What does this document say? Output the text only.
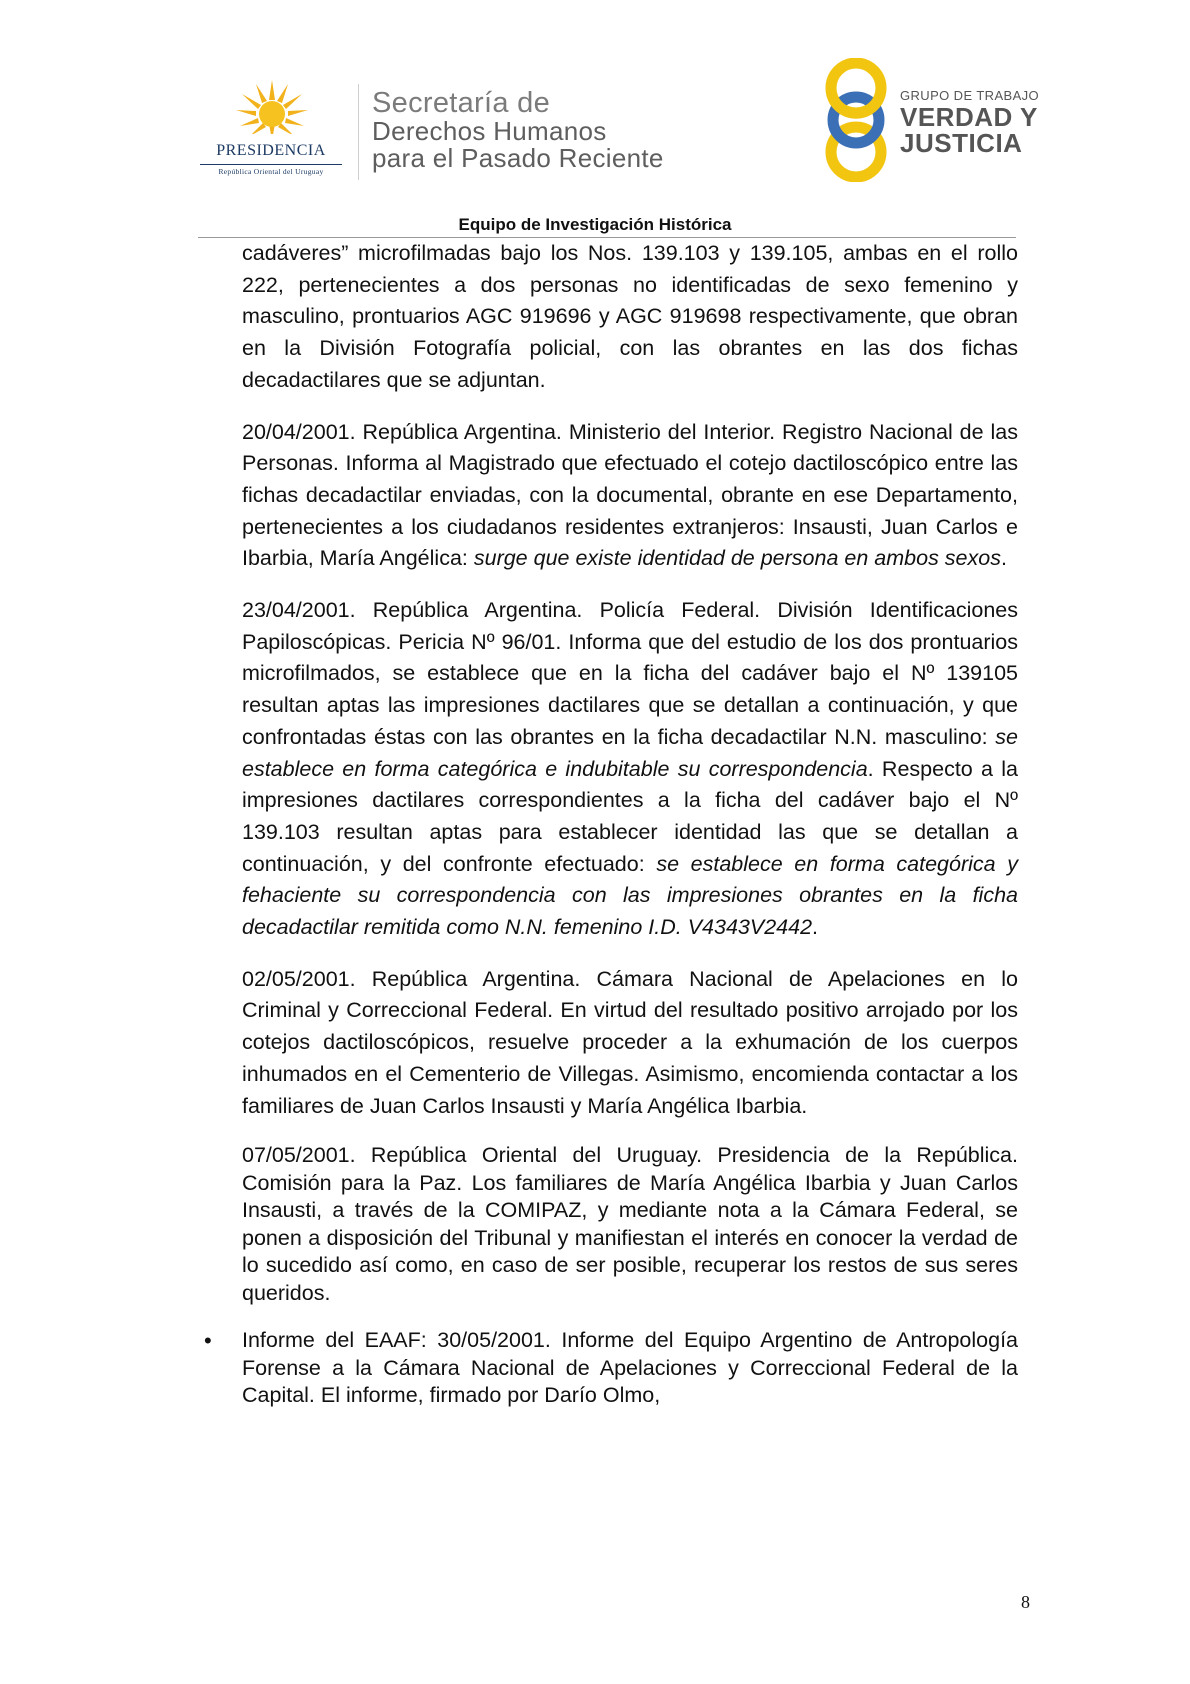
PRESIDENCIA
República Oriental del Uruguay
Secretaría de
Derechos Humanos
para el Pasado Reciente
GRUPO DE TRABAJO
VERDAD Y
JUSTICIA
Equipo de Investigación Histórica

cadáveres” microfilmadas bajo los Nos. 139.103 y 139.105, ambas en el rollo 222, pertenecientes a dos personas no identificadas de sexo femenino y masculino, prontuarios AGC 919696 y AGC 919698 respectivamente, que obran en la División Fotografía policial, con las obrantes en las dos fichas decadactilares que se adjuntan.

20/04/2001. República Argentina. Ministerio del Interior. Registro Nacional de las Personas. Informa al Magistrado que efectuado el cotejo dactiloscópico entre las fichas decadactilar enviadas, con la documental, obrante en ese Departamento, pertenecientes a los ciudadanos residentes extranjeros: Insausti, Juan Carlos e Ibarbia, María Angélica: surge que existe identidad de persona en ambos sexos.

23/04/2001. República Argentina. Policía Federal. División Identificaciones Papiloscópicas. Pericia Nº 96/01. Informa que del estudio de los dos prontuarios microfilmados, se establece que en la ficha del cadáver bajo el Nº 139105 resultan aptas las impresiones dactilares que se detallan a continuación, y que confrontadas éstas con las obrantes en la ficha decadactilar N.N. masculino: se establece en forma categórica e indubitable su correspondencia. Respecto a la impresiones dactilares correspondientes a la ficha del cadáver bajo el Nº 139.103 resultan aptas para establecer identidad las que se detallan a continuación, y del confronte efectuado: se establece en forma categórica y fehaciente su correspondencia con las impresiones obrantes en la ficha decadactilar remitida como N.N. femenino I.D. V4343V2442.

02/05/2001. República Argentina. Cámara Nacional de Apelaciones en lo Criminal y Correccional Federal. En virtud del resultado positivo arrojado por los cotejos dactiloscópicos, resuelve proceder a la exhumación de los cuerpos inhumados en el Cementerio de Villegas. Asimismo, encomienda contactar a los familiares de Juan Carlos Insausti y María Angélica Ibarbia.

07/05/2001. República Oriental del Uruguay. Presidencia de la República. Comisión para la Paz. Los familiares de María Angélica Ibarbia y Juan Carlos Insausti, a través de la COMIPAZ, y mediante nota a la Cámara Federal, se ponen a disposición del Tribunal y manifiestan el interés en conocer la verdad de lo sucedido así como, en caso de ser posible, recuperar los restos de sus seres queridos.

• Informe del EAAF: 30/05/2001. Informe del Equipo Argentino de Antropología Forense a la Cámara Nacional de Apelaciones y Correccional Federal de la Capital. El informe, firmado por Darío Olmo,

8
